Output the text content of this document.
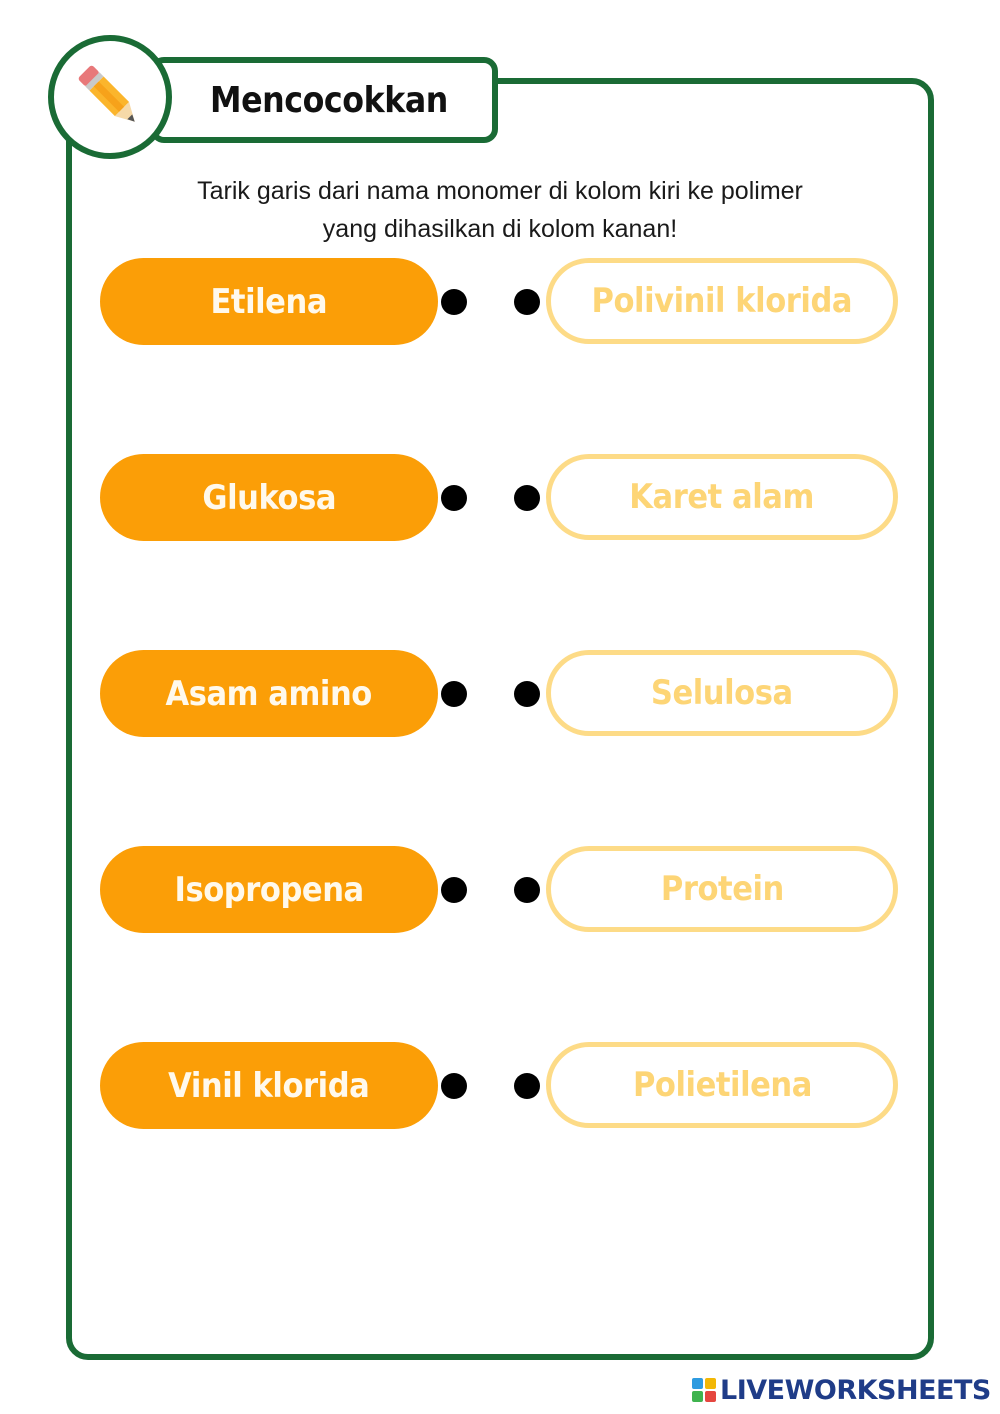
Mencocokkan
Tarik garis dari nama monomer di kolom kiri ke polimer
yang dihasilkan di kolom kanan!
Etilena	Polivinil klorida
Glukosa	Karet alam
Asam amino	Selulosa
Isopropena	Protein
Vinil klorida	Polietilena
LIVEWORKSHEETS
